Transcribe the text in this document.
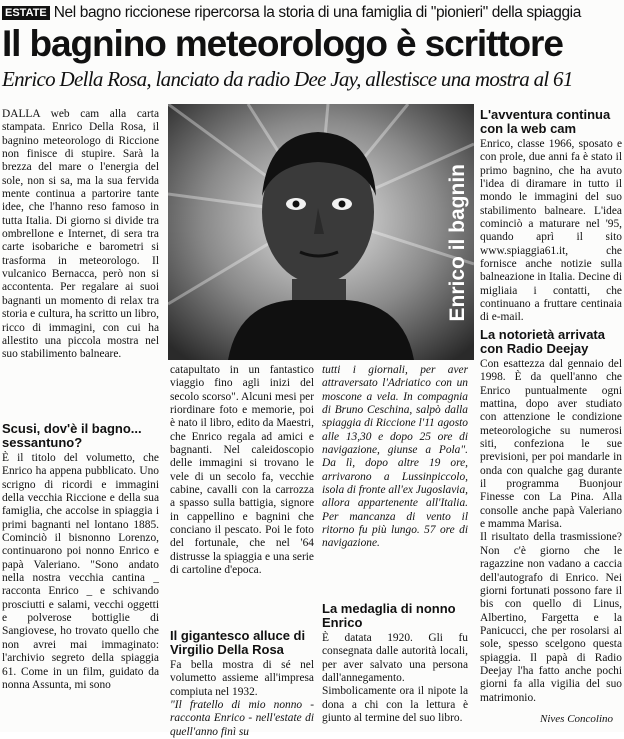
ESTATE Nel bagno riccionese ripercorsa la storia di una famiglia di "pionieri" della spiaggia
Il bagnino meteorologo è scrittore
Enrico Della Rosa, lanciato da radio Dee Jay, allestisce una mostra al 61
Enrico il bagnin

DALLA web cam alla carta stampata. Enrico Della Rosa, il bagnino meteorologo di Riccione non finisce di stupire. Sarà la brezza del mare o l'energia del sole, non si sa, ma la sua fervida mente continua a partorire tante idee, che l'hanno reso famoso in tutta Italia. Di giorno si divide tra ombrellone e Internet, di sera tra carte isobariche e barometri si trasforma in meteorologo. Il vulcanico Bernacca, però non si accontenta. Per regalare ai suoi bagnanti un momento di relax tra storia e cultura, ha scritto un libro, ricco di immagini, con cui ha allestito una piccola mostra nel suo stabilimento balneare.

Scusi, dov'è il bagno... sessantuno?

È il titolo del volumetto, che Enrico ha appena pubblicato. Uno scrigno di ricordi e immagini della vecchia Riccione e della sua famiglia, che accolse in spiaggia i primi bagnanti nel lontano 1885. Cominciò il bisnonno Lorenzo, continuarono poi nonno Enrico e papà Valeriano. "Sono andato nella nostra vecchia cantina _ racconta Enrico _ e schivando prosciutti e salami, vecchi oggetti e polverose bottiglie di Sangiovese, ho trovato quello che non avrei mai immaginato: l'archivio segreto della spiaggia 61. Come in un film, guidato da nonna Assunta, mi sono

catapultato in un fantastico viaggio fino agli inizi del secolo scorso". Alcuni mesi per riordinare foto e memorie, poi è nato il libro, edito da Maestri, che Enrico regala ad amici e bagnanti. Nel caleidoscopio delle immagini si trovano le vele di un secolo fa, vecchie cabine, cavalli con la carrozza a spasso sulla battigia, signore in cappellino e bagnini che conciano il pescato. Poi le foto del fortunale, che nel '64 distrusse la spiaggia e una serie di cartoline d'epoca.

Il gigantesco alluce di Virgilio Della Rosa

Fa bella mostra di sé nel volumetto assieme all'impresa compiuta nel 1932.

"Il fratello di mio nonno - racconta Enrico - nell'estate di quell'anno finì su

tutti i giornali, per aver attraversato l'Adriatico con un moscone a vela. In compagnia di Bruno Ceschina, salpò dalla spiaggia di Riccione l'11 agosto alle 13,30 e dopo 25 ore di navigazione, giunse a Pola". Da lì, dopo altre 19 ore, arrivarono a Lussinpiccolo, isola di fronte all'ex Jugoslavia, allora appartenente all'Italia. Per mancanza di vento il ritorno fu più lungo. 57 ore di navigazione.

La medaglia di nonno Enrico

È datata 1920. Gli fu consegnata dalle autorità locali, per aver salvato una persona dall'annegamento. Simbolicamente ora il nipote la dona a chi con la lettura è giunto al termine del suo libro.

L'avventura continua con la web cam

Enrico, classe 1966, sposato e con prole, due anni fa è stato il primo bagnino, che ha avuto l'idea di diramare in tutto il mondo le immagini del suo stabilimento balneare. L'idea cominciò a maturare nel '95, quando aprì il sito www.spiaggia61.it, che fornisce anche notizie sulla balneazione in Italia. Decine di migliaia i contatti, che continuano a fruttare centinaia di e-mail.

La notorietà arrivata con Radio Deejay

Con esattezza dal gennaio del 1998. È da quell'anno che Enrico puntualmente ogni mattina, dopo aver studiato con attenzione le condizione meteorologiche su numerosi siti, confeziona le sue previsioni, per poi mandarle in onda con qualche gag durante il programma Buonjour Finesse con La Pina. Alla consolle anche papà Valeriano e mamma Marisa.

Il risultato della trasmissione? Non c'è giorno che le ragazzine non vadano a caccia dell'autografo di Enrico. Nei giorni fortunati possono fare il bis con quello di Linus, Albertino, Fargetta e la Panicucci, che per rosolarsi al sole, spesso scelgono questa spiaggia. Il papà di Radio Deejay l'ha fatto anche pochi giorni fa alla vigilia del suo matrimonio.

Nives Concolino
